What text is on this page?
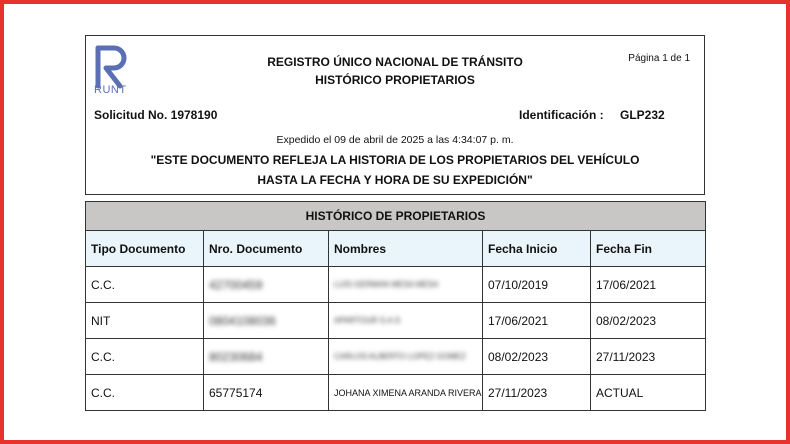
RUNT
REGISTRO ÚNICO NACIONAL DE TRÁNSITO
HISTÓRICO PROPIETARIOS
Página 1 de 1
Solicitud No. 1978190	Identificación : GLP232
Expedido el 09 de abril de 2025 a las 4:34:07 p. m.
"ESTE DOCUMENTO REFLEJA LA HISTORIA DE LOS PROPIETARIOS DEL VEHÍCULO
HASTA LA FECHA Y HORA DE SU EXPEDICIÓN"
HISTÓRICO DE PROPIETARIOS				
Tipo Documento	Nro. Documento	Nombres	Fecha Inicio	Fecha Fin
C.C.	42700459	LUIS GERMAN MESA MESA	07/10/2019	17/06/2021
NIT	0804108036	APARTOUR S.A.S	17/06/2021	08/02/2023
C.C.	80230684	CARLOS ALBERTO LOPEZ GOMEZ	08/02/2023	27/11/2023
C.C.	65775174	JOHANA XIMENA ARANDA RIVERA	27/11/2023	ACTUAL
